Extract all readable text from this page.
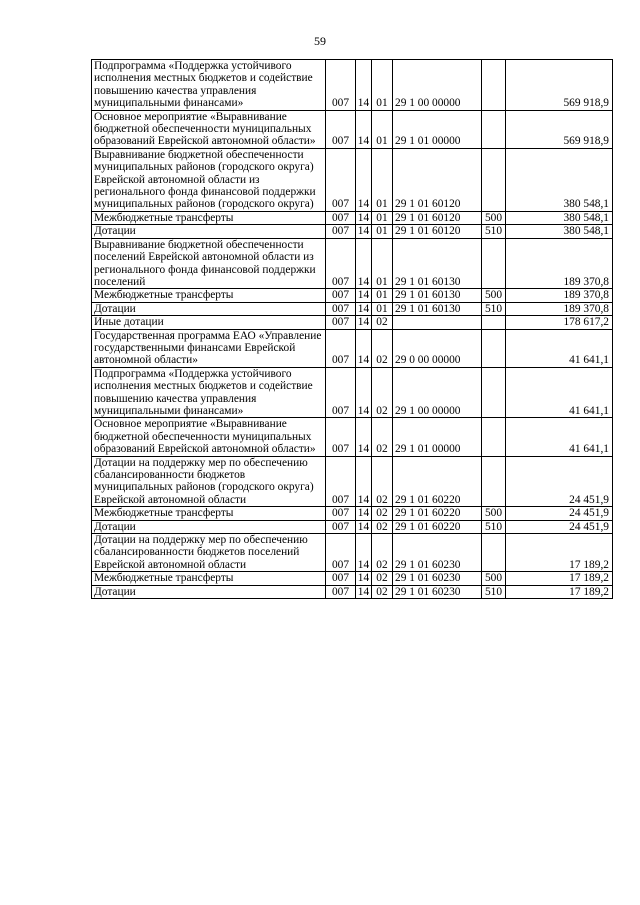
59
Подпрограмма «Поддержка устойчивого исполнения местных бюджетов и содействие повышению качества управления муниципальными финансами»	007	14	01	29 1 00 00000		569 918,9
Основное мероприятие «Выравнивание бюджетной обеспеченности муниципальных образований Еврейской автономной области»	007	14	01	29 1 01 00000		569 918,9
Выравнивание бюджетной обеспеченности муниципальных районов (городского округа) Еврейской автономной области из регионального фонда финансовой поддержки муниципальных районов (городского округа)	007	14	01	29 1 01 60120		380 548,1
Межбюджетные трансферты	007	14	01	29 1 01 60120	500	380 548,1
Дотации	007	14	01	29 1 01 60120	510	380 548,1
Выравнивание бюджетной обеспеченности поселений Еврейской автономной области из регионального фонда финансовой поддержки поселений	007	14	01	29 1 01 60130		189 370,8
Межбюджетные трансферты	007	14	01	29 1 01 60130	500	189 370,8
Дотации	007	14	01	29 1 01 60130	510	189 370,8
Иные дотации	007	14	02			178 617,2
Государственная программа ЕАО «Управление государственными финансами Еврейской автономной области»	007	14	02	29 0 00 00000		41 641,1
Подпрограмма «Поддержка устойчивого исполнения местных бюджетов и содействие повышению качества управления муниципальными финансами»	007	14	02	29 1 00 00000		41 641,1
Основное мероприятие «Выравнивание бюджетной обеспеченности муниципальных образований Еврейской автономной области»	007	14	02	29 1 01 00000		41 641,1
Дотации на поддержку мер по обеспечению сбалансированности бюджетов муниципальных районов (городского округа) Еврейской автономной области	007	14	02	29 1 01 60220		24 451,9
Межбюджетные трансферты	007	14	02	29 1 01 60220	500	24 451,9
Дотации	007	14	02	29 1 01 60220	510	24 451,9
Дотации на поддержку мер по обеспечению сбалансированности бюджетов поселений Еврейской автономной области	007	14	02	29 1 01 60230		17 189,2
Межбюджетные трансферты	007	14	02	29 1 01 60230	500	17 189,2
Дотации	007	14	02	29 1 01 60230	510	17 189,2
